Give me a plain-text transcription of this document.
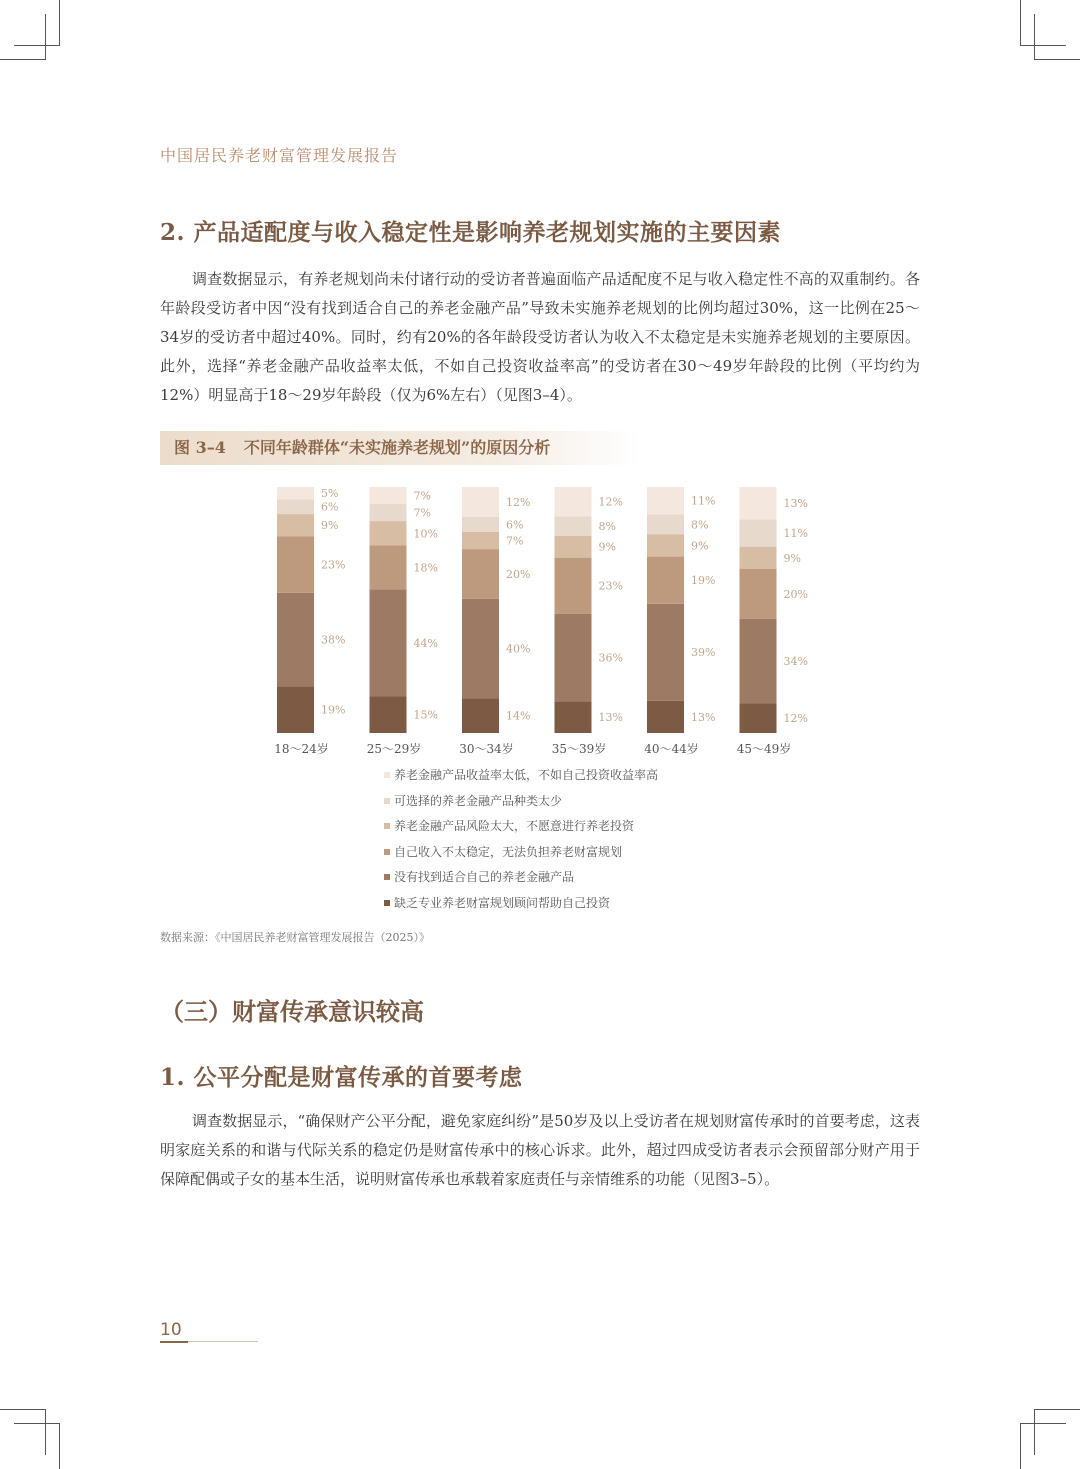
中国居民养老财富管理发展报告
2. 产品适配度与收入稳定性是影响养老规划实施的主要因素

调查数据显示，有养老规划尚未付诸行动的受访者普遍面临产品适配度不足与收入稳定性不高的双重制约。各年龄段受访者中因“没有找到适合自己的养老金融产品”导致未实施养老规划的比例均超过30%，这一比例在25～34岁的受访者中超过40%。同时，约有20%的各年龄段受访者认为收入不太稳定是未实施养老规划的主要原因。此外，选择“养老金融产品收益率太低，不如自己投资收益率高”的受访者在30～49岁年龄段的比例（平均约为12%）明显高于18～29岁年龄段（仅为6%左右）（见图3–4）。

图 3–4 不同年龄群体“未实施养老规划”的原因分析
19%
38%
23%
9%
6%
5%
18～24岁
15%
44%
18%
10%
7%
7%
25～29岁
14%
40%
20%
7%
6%
12%
30～34岁
13%
36%
23%
9%
8%
12%
35～39岁
13%
39%
19%
9%
8%
11%
40～44岁
12%
34%
20%
9%
11%
13%
45～49岁
养老金融产品收益率太低，不如自己投资收益率高
可选择的养老金融产品种类太少
养老金融产品风险太大，不愿意进行养老投资
自己收入不太稳定，无法负担养老财富规划
没有找到适合自己的养老金融产品
缺乏专业养老财富规划顾问帮助自己投资
数据来源：《中国居民养老财富管理发展报告（2025）》
（三）财富传承意识较高
1. 公平分配是财富传承的首要考虑

调查数据显示，“确保财产公平分配，避免家庭纠纷”是50岁及以上受访者在规划财富传承时的首要考虑，这表明家庭关系的和谐与代际关系的稳定仍是财富传承中的核心诉求。此外，超过四成受访者表示会预留部分财产用于保障配偶或子女的基本生活，说明财富传承也承载着家庭责任与亲情维系的功能（见图3–5）。

10
